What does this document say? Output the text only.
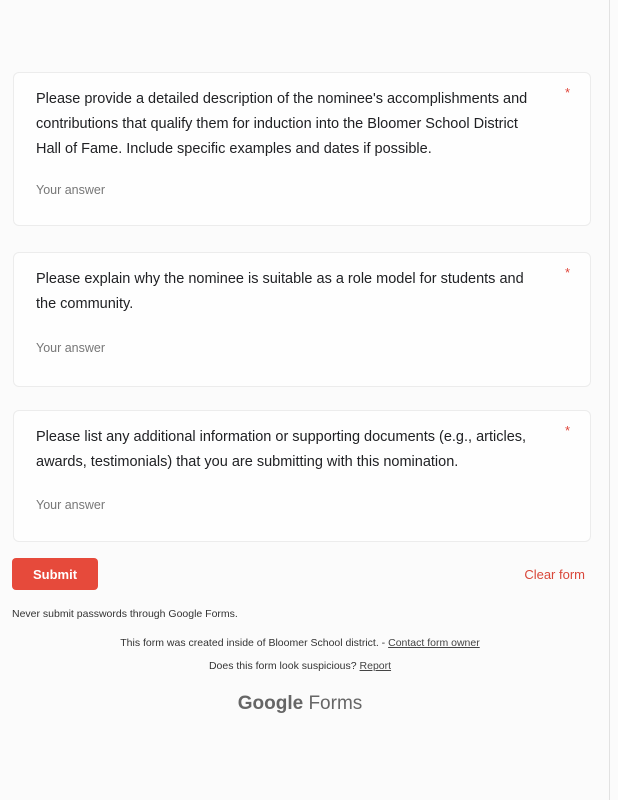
Please provide a detailed description of the nominee's accomplishments and contributions that qualify them for induction into the Bloomer School District Hall of Fame. Include specific examples and dates if possible.
*
Your answer
Please explain why the nominee is suitable as a role model for students and the community.
*
Your answer
Please list any additional information or supporting documents (e.g., articles, awards, testimonials) that you are submitting with this nomination.
*
Your answer
Submit	Clear form
Never submit passwords through Google Forms.
This form was created inside of Bloomer School district. - Contact form owner
Does this form look suspicious? Report
Google Forms
